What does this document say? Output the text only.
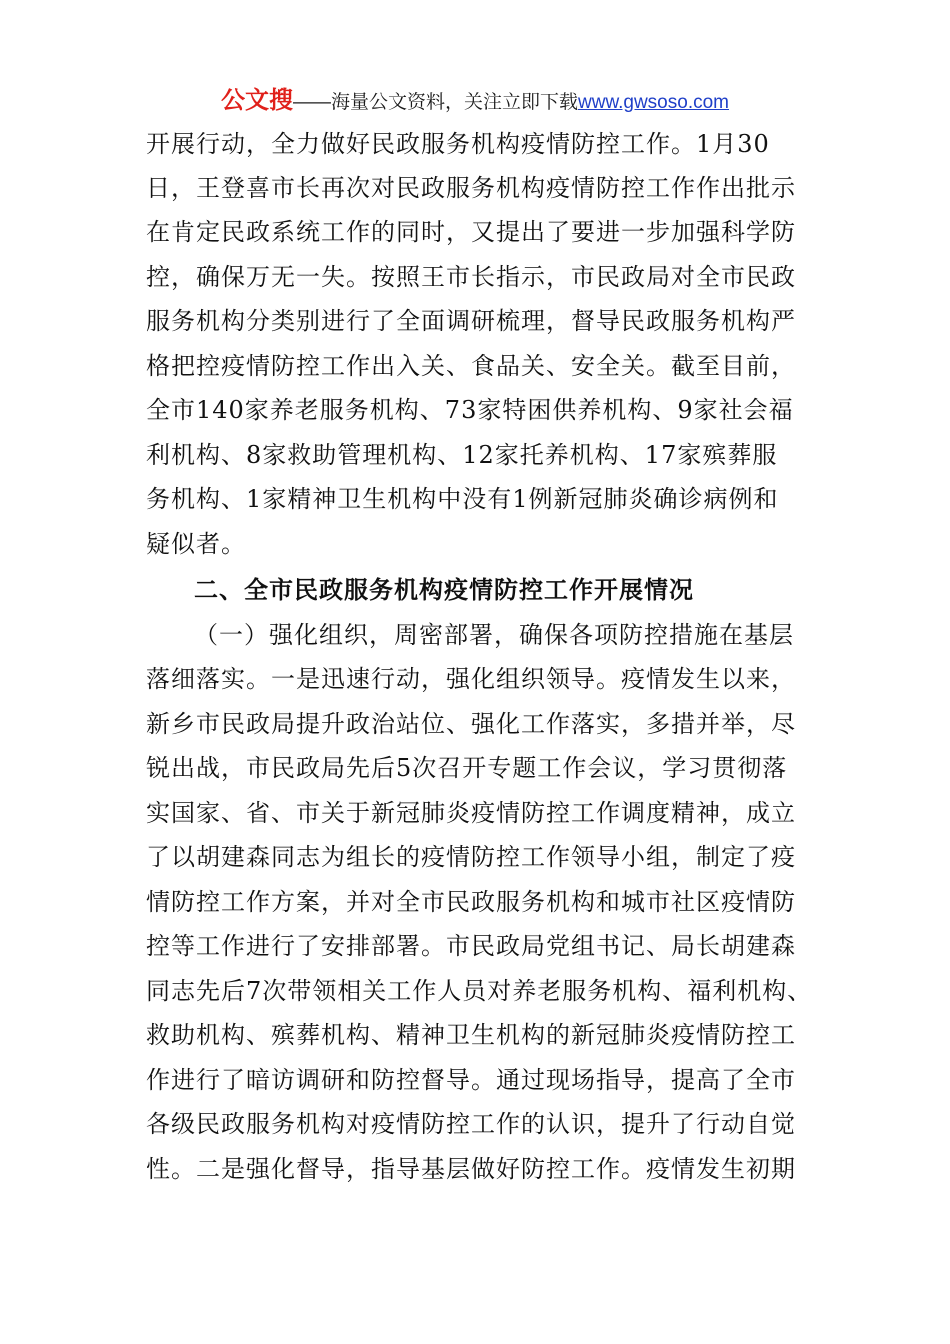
公文搜——海量公文资料，关注立即下载www.gwsoso.com
开展行动，全力做好民政服务机构疫情防控工作。1月30
日，王登喜市长再次对民政服务机构疫情防控工作作出批示
在肯定民政系统工作的同时，又提出了要进一步加强科学防
控，确保万无一失。按照王市长指示，市民政局对全市民政
服务机构分类别进行了全面调研梳理，督导民政服务机构严
格把控疫情防控工作出入关、食品关、安全关。截至目前，
全市140家养老服务机构、73家特困供养机构、9家社会福
利机构、8家救助管理机构、12家托养机构、17家殡葬服
务机构、1家精神卫生机构中没有1例新冠肺炎确诊病例和
疑似者。
二、全市民政服务机构疫情防控工作开展情况
（一）强化组织，周密部署，确保各项防控措施在基层
落细落实。一是迅速行动，强化组织领导。疫情发生以来，
新乡市民政局提升政治站位、强化工作落实，多措并举，尽
锐出战，市民政局先后5次召开专题工作会议，学习贯彻落
实国家、省、市关于新冠肺炎疫情防控工作调度精神，成立
了以胡建森同志为组长的疫情防控工作领导小组，制定了疫
情防控工作方案，并对全市民政服务机构和城市社区疫情防
控等工作进行了安排部署。市民政局党组书记、局长胡建森
同志先后7次带领相关工作人员对养老服务机构、福利机构、
救助机构、殡葬机构、精神卫生机构的新冠肺炎疫情防控工
作进行了暗访调研和防控督导。通过现场指导，提高了全市
各级民政服务机构对疫情防控工作的认识，提升了行动自觉
性。二是强化督导，指导基层做好防控工作。疫情发生初期
